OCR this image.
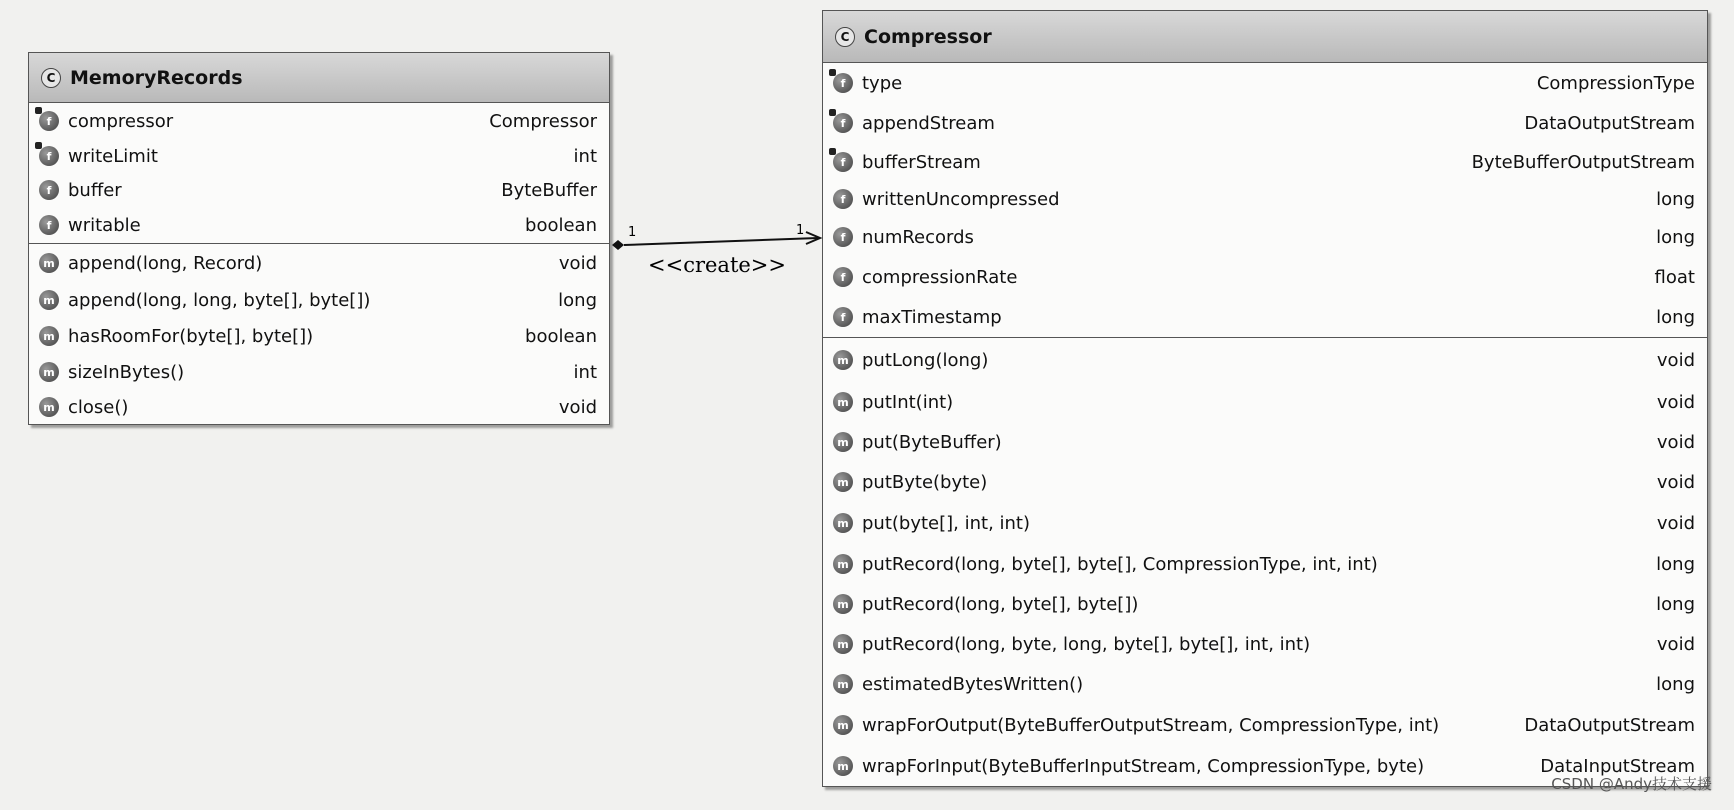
C MemoryRecords
f compressor	Compressor
f writeLimit	int
f buffer	ByteBuffer
f writable	boolean
m append(long, Record)	void
m append(long, long, byte[], byte[])	long
m hasRoomFor(byte[], byte[])	boolean
m sizeInBytes()	int
m close()	void
C Compressor
f type	CompressionType
f appendStream	DataOutputStream
f bufferStream	ByteBufferOutputStream
f writtenUncompressed	long
f numRecords	long
f compressionRate	float
f maxTimestamp	long
m putLong(long)	void
m putInt(int)	void
m put(ByteBuffer)	void
m putByte(byte)	void
m put(byte[], int, int)	void
m putRecord(long, byte[], byte[], CompressionType, int, int)	long
m putRecord(long, byte[], byte[])	long
m putRecord(long, byte, long, byte[], byte[], int, int)	void
m estimatedBytesWritten()	long
m wrapForOutput(ByteBufferOutputStream, CompressionType, int)	DataOutputStream
m wrapForInput(ByteBufferInputStream, CompressionType, byte)	DataInputStream
1	1
<<create>>
CSDN @Andy技术支援
